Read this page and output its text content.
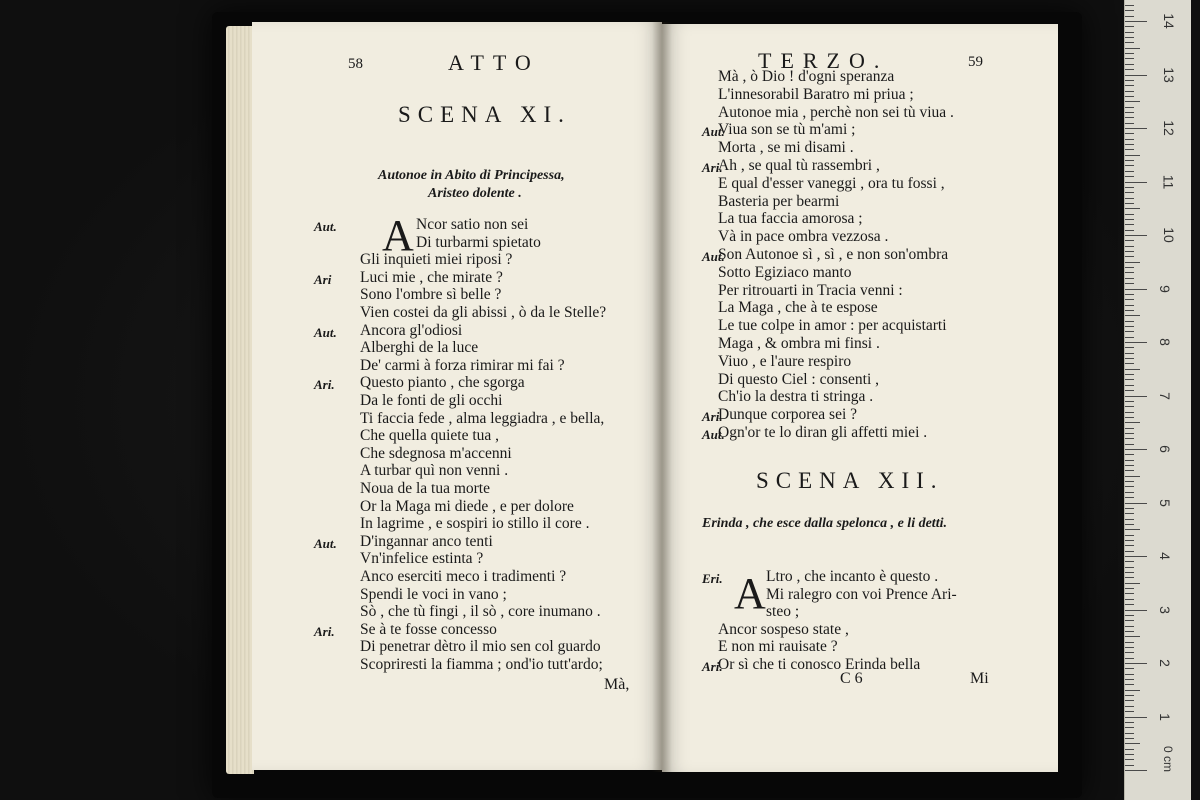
58	ATTO
SCENA XI.
Autonoe in Abito di Principessa,
Aristeo dolente .
A
Aut.	Ncor satio non sei
Di turbarmi spietato
Gli inquieti miei riposi ?
Ari Luci mie , che mirate ?
Sono l'ombre sì belle ?
Vien costei da gli abissi , ò da le Stelle?
Aut. Ancora gl'odiosi
Alberghi de la luce
De' carmi à forza rimirar mi fai ?
Ari. Questo pianto , che sgorga
Da le fonti de gli occhi
Ti faccia fede , alma leggiadra , e bella,
Che quella quiete tua ,
Che sdegnosa m'accenni
A turbar quì non venni .
Noua de la tua morte
Or la Maga mi diede , e per dolore
In lagrime , e sospiri io stillo il core .
Aut. D'ingannar anco tenti
Vn'infelice estinta ?
Anco eserciti meco i tradimenti ?
Spendi le voci in vano ;
Sò , che tù fingi , il sò , core inumano .
Ari. Se à te fosse concesso
Di penetrar dètro il mio sen col guardo
Scopriresti la fiamma ; ond'io tutt'ardo;
Mà,
TERZO.	59
Mà , ò Dio ! d'ogni speranza
L'innesorabil Baratro mi priua ;
Autonoe mia , perchè non sei tù viua .
Aut.
Viua son se tù m'ami ;
Morta , se mi disami .
Ari.
Ah , se qual tù rassembri ,
E qual d'esser vaneggi , ora tu fossi ,
Basteria per bearmi
La tua faccia amorosa ;
Và in pace ombra vezzosa .
Aut.
Son Autonoe sì , sì , e non son'ombra
Sotto Egiziaco manto
Per ritrouarti in Tracia venni :
La Maga , che à te espose
Le tue colpe in amor : per acquistarti
Maga , & ombra mi finsi .
Viuo , e l'aure respiro
Di questo Ciel : consenti ,
Ch'io la destra ti stringa .
Ari.
Dunque corporea sei ?
Aut.
Ogn'or te lo diran gli affetti miei .
SCENA XII.
Erinda , che esce dalla spelonca , e li detti.
A
Eri.	Ltro , che incanto è questo .
Mi ralegro con voi Prence Ari-
steo ;
Ancor sospeso state ,
E non mi rauisate ?
Ari.
Or sì che ti conosco Erinda bella
C 6	Mi
0 cm
1
2
3
4
5
6
7
8
9
10
11
12
13
14
